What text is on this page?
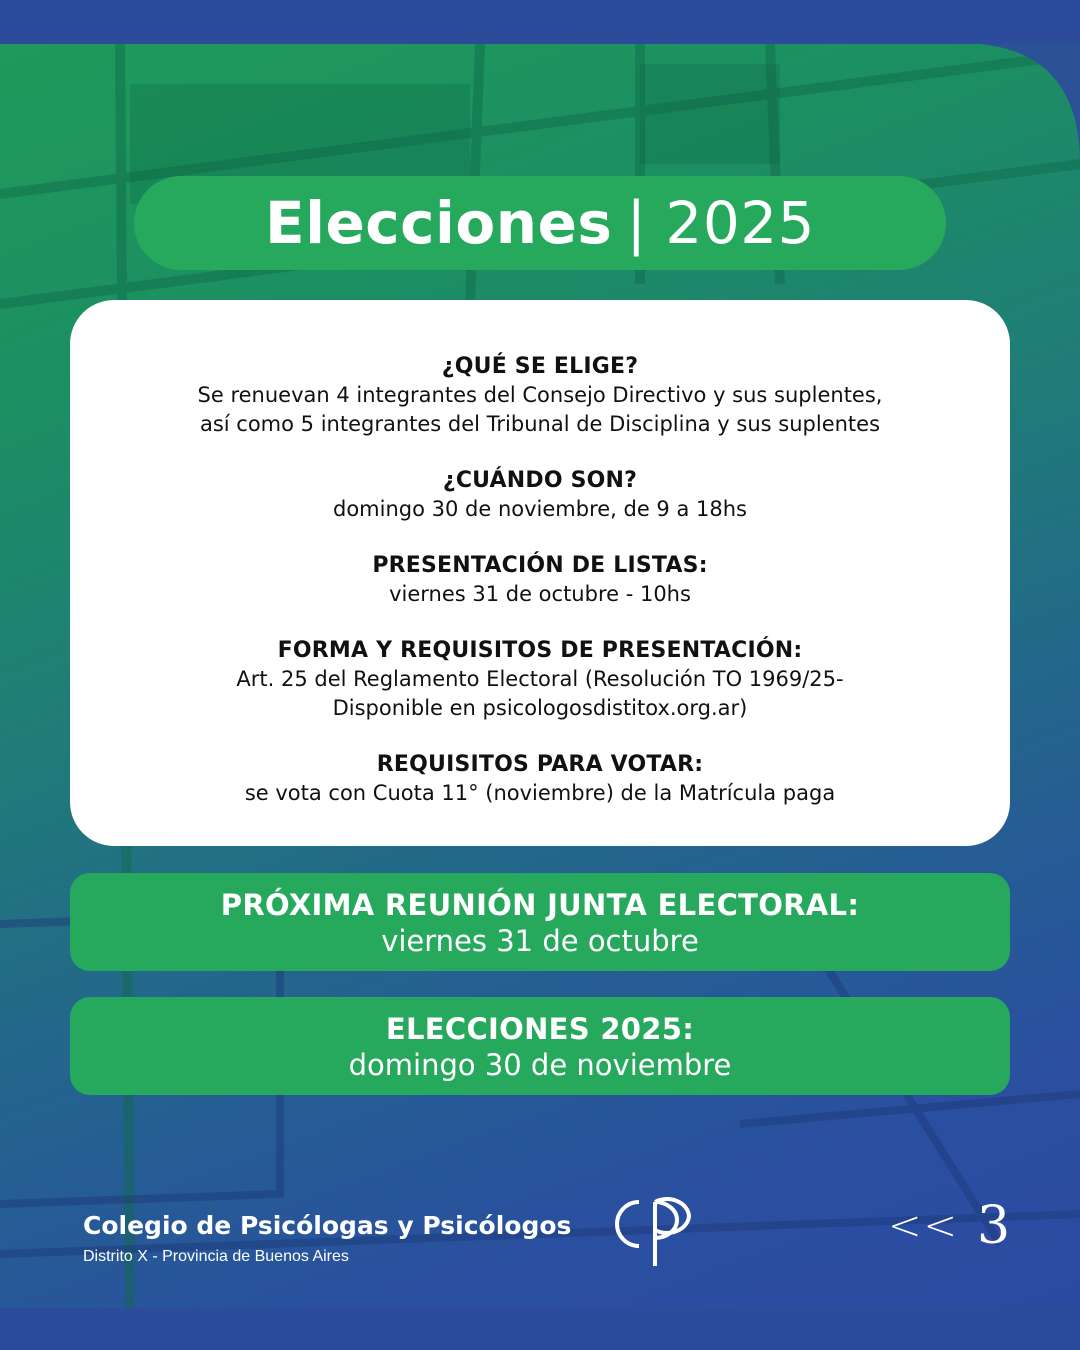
Elecciones | 2025
¿QUÉ SE ELIGE?
Se renuevan 4 integrantes del Consejo Directivo y sus suplentes,
así como 5 integrantes del Tribunal de Disciplina y sus suplentes
¿CUÁNDO SON?
domingo 30 de noviembre, de 9 a 18hs
PRESENTACIÓN DE LISTAS:
viernes 31 de octubre - 10hs
FORMA Y REQUISITOS DE PRESENTACIÓN:
Art. 25 del Reglamento Electoral (Resolución TO 1969/25-
Disponible en psicologosdistitox.org.ar)
REQUISITOS PARA VOTAR:
se vota con Cuota 11° (noviembre) de la Matrícula paga
PRÓXIMA REUNIÓN JUNTA ELECTORAL:
viernes 31 de octubre
ELECCIONES 2025:
domingo 30 de noviembre
Colegio de Psicólogas y Psicólogos
Distrito X - Provincia de Buenos Aires
<< 3
